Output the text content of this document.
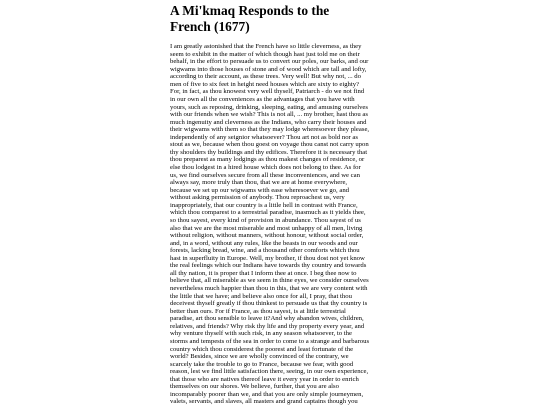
A Mi'kmaq Responds to the French (1677)
I am greatly astonished that the French have so little cleverness, as they
seem to exhibit in the matter of which though hast just told me on their
behalf, in the effort to persuade us to convert our poles, our barks, and our
wigwams into those houses of stone and of wood which are tall and lofty,
according to their account, as these trees. Very well! But why not, ... do
men of five to six feet in height need houses which are sixty to eighty?
For, in fact, as thou knowest very well thyself, Patriarch - do we not find
in our own all the conveniences as the advantages that you have with
yours, such as reposing, drinking, sleeping, eating, and amusing ourselves
with our friends when we wish? This is not all, ... my brother, hast thou as
much ingenuity and cleverness as the Indians, who carry their houses and
their wigwams with them so that they may lodge wheresoever they please,
independently of any seignior whatsoever? Thou art not as bold nor as
stout as we, because when thou goest on voyage thou canst not carry upon
thy shoulders thy buildings and thy edifices. Therefore it is necessary that
thou preparest as many lodgings as thou makest changes of residence, or
else thou lodgest in a hired house which does not belong to thee. As for
us, we find ourselves secure from all these inconveniences, and we can
always say, more truly than thou, that we are at home everywhere,
because we set up our wigwams with ease wheresoever we go, and
without asking permission of anybody. Thou reproachest us, very
inappropriately, that our country is a little hell in contrast with France,
which thou comparest to a terrestrial paradise, inasmuch as it yields thee,
so thou sayest, every kind of provision in abundance. Thou sayest of us
also that we are the most miserable and most unhappy of all men, living
without religion, without manners, without honour, without social order,
and, in a word, without any rules, like the beasts in our woods and our
forests, lacking bread, wine, and a thousand other comforts which thou
hast in superfluity in Europe. Well, my brother, if thou dost not yet know
the real feelings which our Indians have towards thy country and towards
all thy nation, it is proper that I inform thee at once. I beg thee now to
believe that, all miserable as we seem in thine eyes, we consider ourselves
nevertheless much happier than thou in this, that we are very content with
the little that we have; and believe also once for all, I pray, that thou
deceivest thyself greatly if thou thinkest to persuade us that thy country is
better than ours. For if France, as thou sayest, is at little terrestrial
paradise, art thou sensible to leave it?And why abandon wives, children,
relatives, and friends? Why risk thy life and thy property every year, and
why venture thyself with such risk, in any season whatsoever, to the
storms and tempests of the sea in order to come to a strange and barbarous
country which thou considerest the poorest and least fortunate of the
world? Besides, since we are wholly convinced of the contrary, we
scarcely take the trouble to go to France, because we fear, with good
reason, lest we find little satisfaction there, seeing, in our own experience,
that those who are natives thereof leave it every year in order to enrich
themselves on our shores. We believe, further, that you are also
incomparably poorer than we, and that you are only simple journeymen,
valets, servants, and slaves, all masters and grand captains though you
